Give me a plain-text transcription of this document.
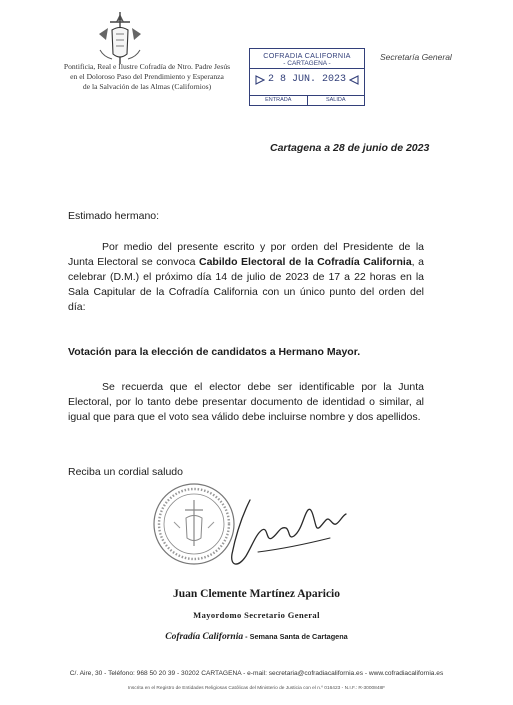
Pontificia, Real e Ilustre Cofradía de Ntro. Padre Jesús
en el Doloroso Paso del Prendimiento y Esperanza
de la Salvación de las Almas (Californios)
COFRADIA CALIFORNIA
- CARTAGENA -
2 8 JUN. 2023
ENTRADA	SALIDA
Secretaría General
Cartagena a 28 de junio de 2023
Estimado hermano:
Por medio del presente escrito y por orden del Presidente de la Junta Electoral se convoca Cabildo Electoral de la Cofradía California, a celebrar (D.M.) el próximo día 14 de julio de 2023 de 17 a 22 horas en la Sala Capitular de la Cofradía California con un único punto del orden del día:
Votación para la elección de candidatos a Hermano Mayor.
Se recuerda que el elector debe ser identificable por la Junta Electoral, por lo tanto debe presentar documento de identidad o similar, al igual que para que el voto sea válido debe incluirse nombre y dos apellidos.
Reciba un cordial saludo
Juan Clemente Martínez Aparicio
Mayordomo Secretario General
Cofradía California - Semana Santa de Cartagena
C/. Aire, 30 - Teléfono: 968 50 20 39 - 30202 CARTAGENA - e-mail: secretaria@cofradiacalifornia.es - www.cofradiacalifornia.es
Inscrita en el Registro de Entidades Religiosas Católicas del Ministerio de Justicia con el n.º 016423 - N.I.F.: R-3000848F
